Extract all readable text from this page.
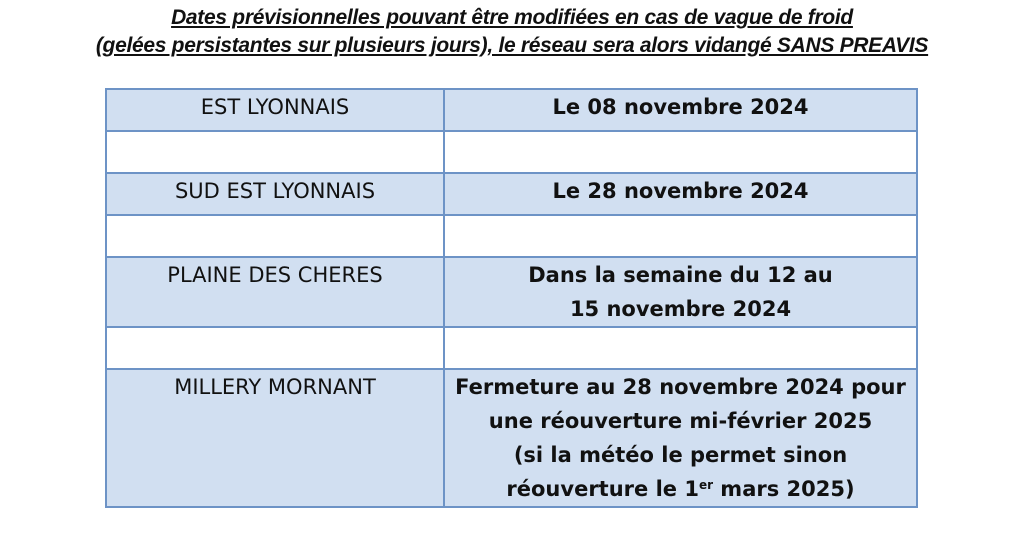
Dates prévisionnelles pouvant être modifiées en cas de vague de froid
(gelées persistantes sur plusieurs jours), le réseau sera alors vidangé SANS PREAVIS
EST LYONNAIS	Le 08 novembre 2024

SUD EST LYONNAIS	Le 28 novembre 2024

PLAINE DES CHERES	Dans la semaine du 12 au
15 novembre 2024

MILLERY MORNANT	Fermeture au 28 novembre 2024 pour
une réouverture mi-février 2025
(si la météo le permet sinon
réouverture le 1er mars 2025)
